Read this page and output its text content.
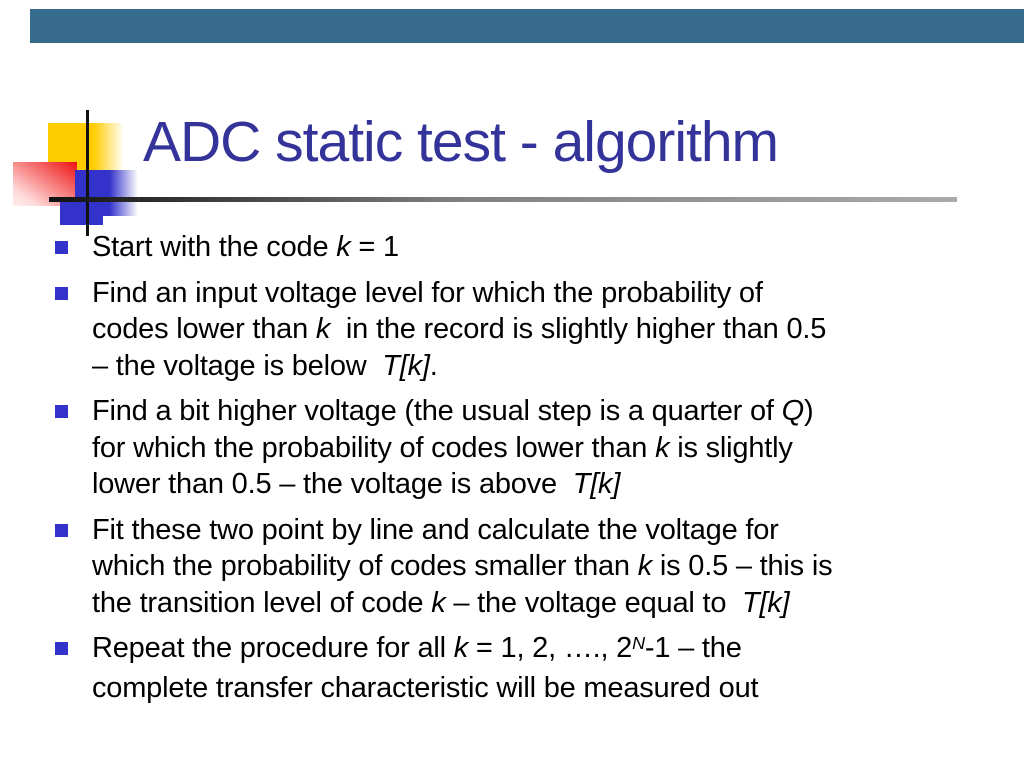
ADC static test - algorithm
Start with the code k = 1
Find an input voltage level for which the probability of
codes lower than k  in the record is slightly higher than 0.5
– the voltage is below  T[k].
Find a bit higher voltage (the usual step is a quarter of Q)
for which the probability of codes lower than k is slightly
lower than 0.5 – the voltage is above  T[k]
Fit these two point by line and calculate the voltage for
which the probability of codes smaller than k is 0.5 – this is
the transition level of code k – the voltage equal to  T[k]
Repeat the procedure for all k = 1, 2, …., $2^N-1$ – the
complete transfer characteristic will be measured out
